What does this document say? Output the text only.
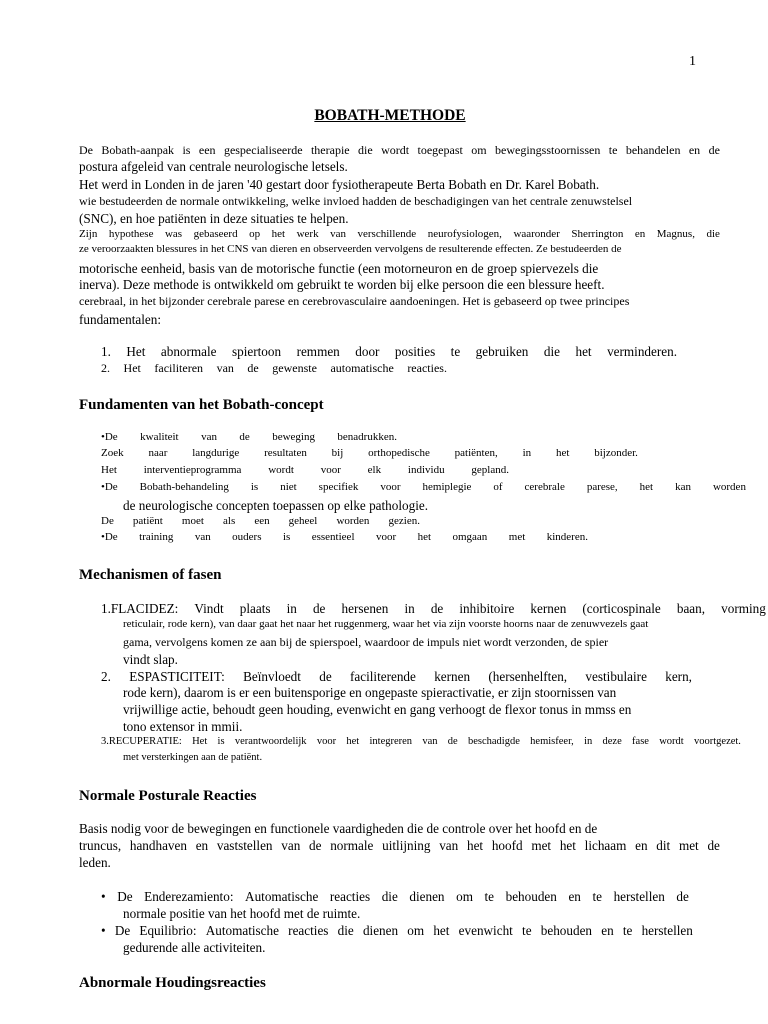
1
BOBATH-METHODE
De Bobath-aanpak is een gespecialiseerde therapie die wordt toegepast om bewegingsstoornissen te behandelen en de
postura afgeleid van centrale neurologische letsels.
Het werd in Londen in de jaren '40 gestart door fysiotherapeute Berta Bobath en Dr. Karel Bobath.
wie bestudeerden de normale ontwikkeling, welke invloed hadden de beschadigingen van het centrale zenuwstelsel
(SNC), en hoe patiënten in deze situaties te helpen.
Zijn hypothese was gebaseerd op het werk van verschillende neurofysiologen, waaronder Sherrington en Magnus, die
ze veroorzaakten blessures in het CNS van dieren en observeerden vervolgens de resulterende effecten. Ze bestudeerden de
motorische eenheid, basis van de motorische functie (een motorneuron en de groep spiervezels die
inerva). Deze methode is ontwikkeld om gebruikt te worden bij elke persoon die een blessure heeft.
cerebraal, in het bijzonder cerebrale parese en cerebrovasculaire aandoeningen. Het is gebaseerd op twee principes
fundamentalen:
1. Het abnormale spiertoon remmen door posities te gebruiken die het verminderen.
2. Het faciliteren van de gewenste automatische reacties.
Fundamenten van het Bobath-concept
•De kwaliteit van de beweging benadrukken.
Zoek naar langdurige resultaten bij orthopedische patiënten, in het bijzonder.
Het interventieprogramma wordt voor elk individu gepland.
•De Bobath-behandeling is niet specifiek voor hemiplegie of cerebrale parese, het kan worden
de neurologische concepten toepassen op elke pathologie.
De patiënt moet als een geheel worden gezien.
•De training van ouders is essentieel voor het omgaan met kinderen.
Mechanismen of fasen
1.FLACIDEZ: Vindt plaats in de hersenen in de inhibitoire kernen (corticospinale baan, vorming
reticulair, rode kern), van daar gaat het naar het ruggenmerg, waar het via zijn voorste hoorns naar de zenuwvezels gaat
gama, vervolgens komen ze aan bij de spierspoel, waardoor de impuls niet wordt verzonden, de spier
vindt slap.
2. ESPASTICITEIT: Beïnvloedt de faciliterende kernen (hersenhelften, vestibulaire kern,
rode kern), daarom is er een buitensporige en ongepaste spieractivatie, er zijn stoornissen van
vrijwillige actie, behoudt geen houding, evenwicht en gang verhoogt de flexor tonus in mmss en
tono extensor in mmii.
3.RECUPERATIE: Het is verantwoordelijk voor het integreren van de beschadigde hemisfeer, in deze fase wordt voortgezet.
met versterkingen aan de patiënt.
Normale Posturale Reacties
Basis nodig voor de bewegingen en functionele vaardigheden die de controle over het hoofd en de
truncus, handhaven en vaststellen van de normale uitlijning van het hoofd met het lichaam en dit met de
leden.
• De Enderezamiento: Automatische reacties die dienen om te behouden en te herstellen de
normale positie van het hoofd met de ruimte.
• De Equilibrio: Automatische reacties die dienen om het evenwicht te behouden en te herstellen
gedurende alle activiteiten.
Abnormale Houdingsreacties
